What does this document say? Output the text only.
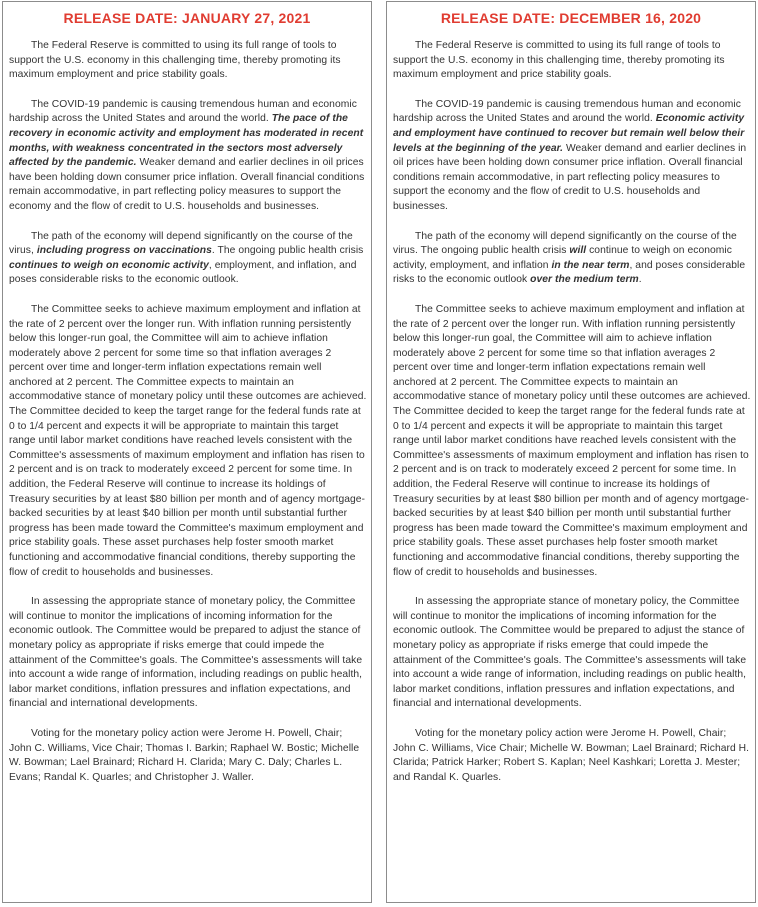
RELEASE DATE: JANUARY 27, 2021

The Federal Reserve is committed to using its full range of tools to support the U.S. economy in this challenging time, thereby promoting its maximum employment and price stability goals.

The COVID-19 pandemic is causing tremendous human and economic hardship across the United States and around the world. The pace of the recovery in economic activity and employment has moderated in recent months, with weakness concentrated in the sectors most adversely affected by the pandemic. Weaker demand and earlier declines in oil prices have been holding down consumer price inflation. Overall financial conditions remain accommodative, in part reflecting policy measures to support the economy and the flow of credit to U.S. households and businesses.

The path of the economy will depend significantly on the course of the virus, including progress on vaccinations. The ongoing public health crisis continues to weigh on economic activity, employment, and inflation, and poses considerable risks to the economic outlook.

The Committee seeks to achieve maximum employment and inflation at the rate of 2 percent over the longer run. With inflation running persistently below this longer-run goal, the Committee will aim to achieve inflation moderately above 2 percent for some time so that inflation averages 2 percent over time and longer-term inflation expectations remain well anchored at 2 percent. The Committee expects to maintain an accommodative stance of monetary policy until these outcomes are achieved. The Committee decided to keep the target range for the federal funds rate at 0 to 1/4 percent and expects it will be appropriate to maintain this target range until labor market conditions have reached levels consistent with the Committee's assessments of maximum employment and inflation has risen to 2 percent and is on track to moderately exceed 2 percent for some time. In addition, the Federal Reserve will continue to increase its holdings of Treasury securities by at least $80 billion per month and of agency mortgage-backed securities by at least $40 billion per month until substantial further progress has been made toward the Committee's maximum employment and price stability goals. These asset purchases help foster smooth market functioning and accommodative financial conditions, thereby supporting the flow of credit to households and businesses.

In assessing the appropriate stance of monetary policy, the Committee will continue to monitor the implications of incoming information for the economic outlook. The Committee would be prepared to adjust the stance of monetary policy as appropriate if risks emerge that could impede the attainment of the Committee's goals. The Committee's assessments will take into account a wide range of information, including readings on public health, labor market conditions, inflation pressures and inflation expectations, and financial and international developments.

Voting for the monetary policy action were Jerome H. Powell, Chair; John C. Williams, Vice Chair; Thomas I. Barkin; Raphael W. Bostic; Michelle W. Bowman; Lael Brainard; Richard H. Clarida; Mary C. Daly; Charles L. Evans; Randal K. Quarles; and Christopher J. Waller.

RELEASE DATE: DECEMBER 16, 2020

The Federal Reserve is committed to using its full range of tools to support the U.S. economy in this challenging time, thereby promoting its maximum employment and price stability goals.

The COVID-19 pandemic is causing tremendous human and economic hardship across the United States and around the world. Economic activity and employment have continued to recover but remain well below their levels at the beginning of the year. Weaker demand and earlier declines in oil prices have been holding down consumer price inflation. Overall financial conditions remain accommodative, in part reflecting policy measures to support the economy and the flow of credit to U.S. households and businesses.

The path of the economy will depend significantly on the course of the virus. The ongoing public health crisis will continue to weigh on economic activity, employment, and inflation in the near term, and poses considerable risks to the economic outlook over the medium term.

The Committee seeks to achieve maximum employment and inflation at the rate of 2 percent over the longer run. With inflation running persistently below this longer-run goal, the Committee will aim to achieve inflation moderately above 2 percent for some time so that inflation averages 2 percent over time and longer-term inflation expectations remain well anchored at 2 percent. The Committee expects to maintain an accommodative stance of monetary policy until these outcomes are achieved. The Committee decided to keep the target range for the federal funds rate at 0 to 1/4 percent and expects it will be appropriate to maintain this target range until labor market conditions have reached levels consistent with the Committee's assessments of maximum employment and inflation has risen to 2 percent and is on track to moderately exceed 2 percent for some time. In addition, the Federal Reserve will continue to increase its holdings of Treasury securities by at least $80 billion per month and of agency mortgage-backed securities by at least $40 billion per month until substantial further progress has been made toward the Committee's maximum employment and price stability goals. These asset purchases help foster smooth market functioning and accommodative financial conditions, thereby supporting the flow of credit to households and businesses.

In assessing the appropriate stance of monetary policy, the Committee will continue to monitor the implications of incoming information for the economic outlook. The Committee would be prepared to adjust the stance of monetary policy as appropriate if risks emerge that could impede the attainment of the Committee's goals. The Committee's assessments will take into account a wide range of information, including readings on public health, labor market conditions, inflation pressures and inflation expectations, and financial and international developments.

Voting for the monetary policy action were Jerome H. Powell, Chair; John C. Williams, Vice Chair; Michelle W. Bowman; Lael Brainard; Richard H. Clarida; Patrick Harker; Robert S. Kaplan; Neel Kashkari; Loretta J. Mester; and Randal K. Quarles.
